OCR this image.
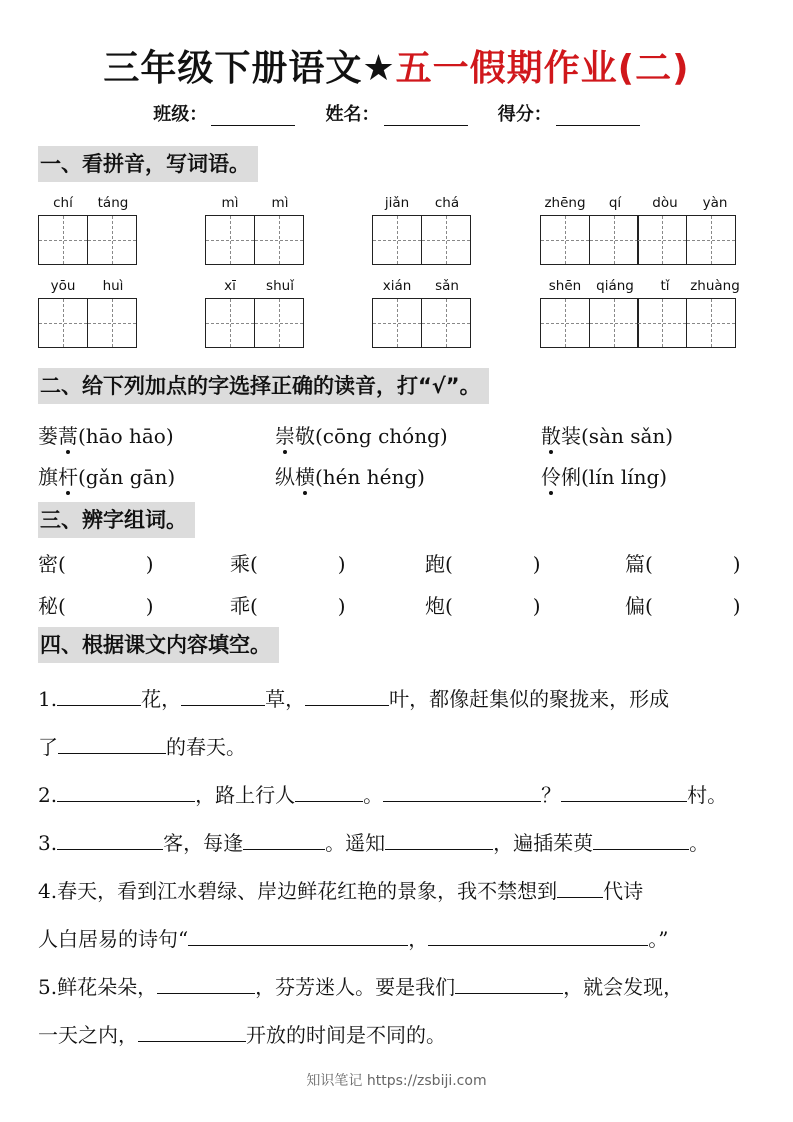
三年级下册语文★五一假期作业(二)
班级：	姓名：	得分：
一、看拼音，写词语。
chí	táng	mì	mì	jiǎn	chá	zhēng	qí	dòu	yàn
yōu	huì	xī	shuǐ	xián	sǎn	shēn	qiáng	tǐ	zhuàng
二、给下列加点的字选择正确的读音，打“√”。
蒌蒿(hāo hāo)	崇敬(cōng chóng)	散装(sàn sǎn)
旗杆(gǎn gān)	纵横(hén héng)	伶俐(lín líng)
三、辨字组词。
密(　　　　)	乘(　　　　)	跑(　　　　)	篇(　　　　)
秘(　　　　)	乖(　　　　)	炮(　　　　)	偏(　　　　)
四、根据课文内容填空。
1.	花，	草，	叶，都像赶集似的聚拢来，形成
了	的春天。
2.	，路上行人	。	？	村。
3.	客，每逢	。遥知	，遍插茱萸	。
4.春天，看到江水碧绿、岸边鲜花红艳的景象，我不禁想到 代诗
人白居易的诗句“	，	。”
5.鲜花朵朵，	，芬芳迷人。要是我们	，就会发现，
一天之内，	开放的时间是不同的。
知识笔记 https://zsbiji.com
